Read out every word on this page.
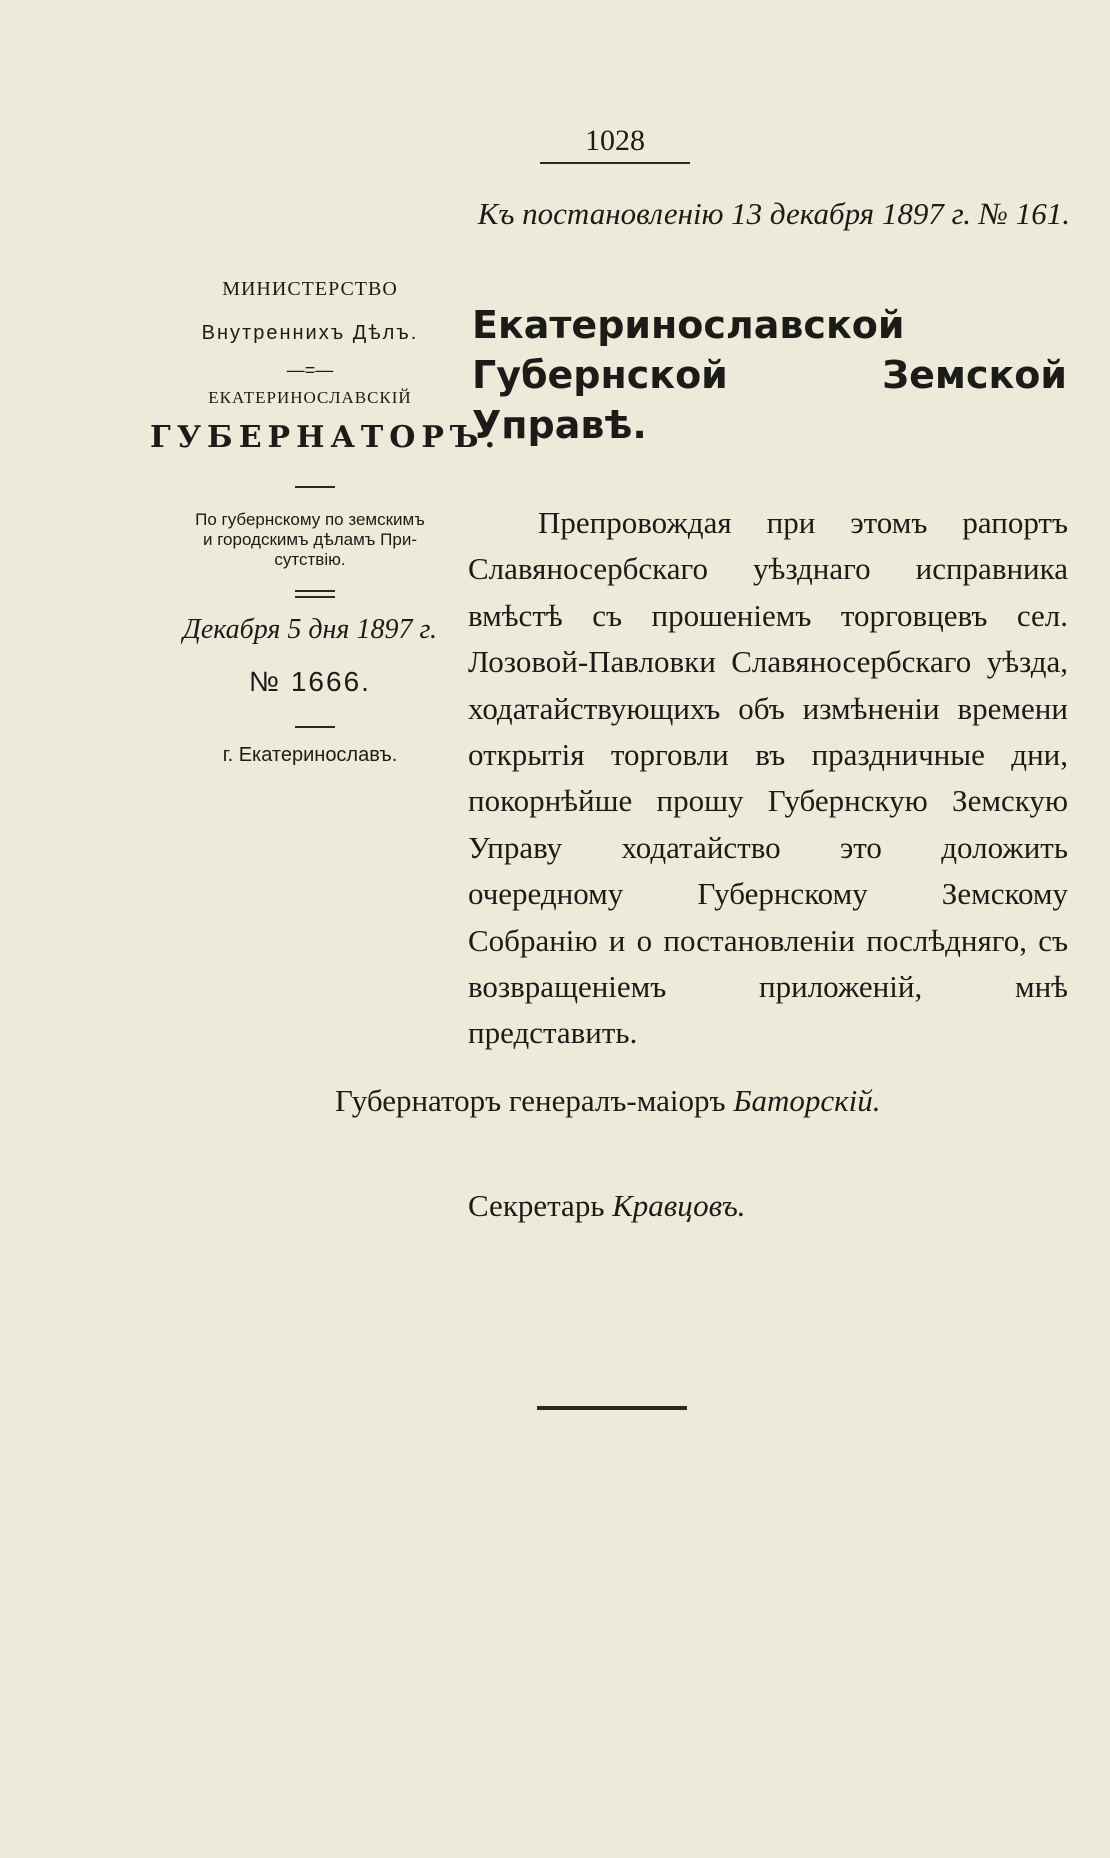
1028
Къ постановленію 13 декабря 1897 г. № 161.
МИНИСТЕРСТВО
Внутреннихъ Дѣлъ.
—=—
ЕКАТЕРИНОСЛАВСКІЙ
ГУБЕРНАТОРЪ.
По губернскому по земскимъ
и городскимъ дѣламъ При-
сутствію.
Декабря 5 дня 1897 г.
№ 1666.
г. Екатеринославъ.
Екатеринославской Губернской Земской Управѣ.
Препровождая при этомъ рапортъ Славяносербскаго уѣзднаго исправника вмѣстѣ съ прошеніемъ торговцевъ сел. Лозовой-Павловки Славяносербскаго уѣзда, ходатайствующихъ объ измѣненіи времени открытія торговли въ праздничные дни, покорнѣйше прошу Губернскую Земскую Управу ходатайство это доложить очередному Губернскому Земскому Собранію и о постановленіи послѣдняго, съ возвращеніемъ приложеній, мнѣ представить.
Губернаторъ генералъ-маіоръ Баторскій.
Секретарь Кравцовъ.
